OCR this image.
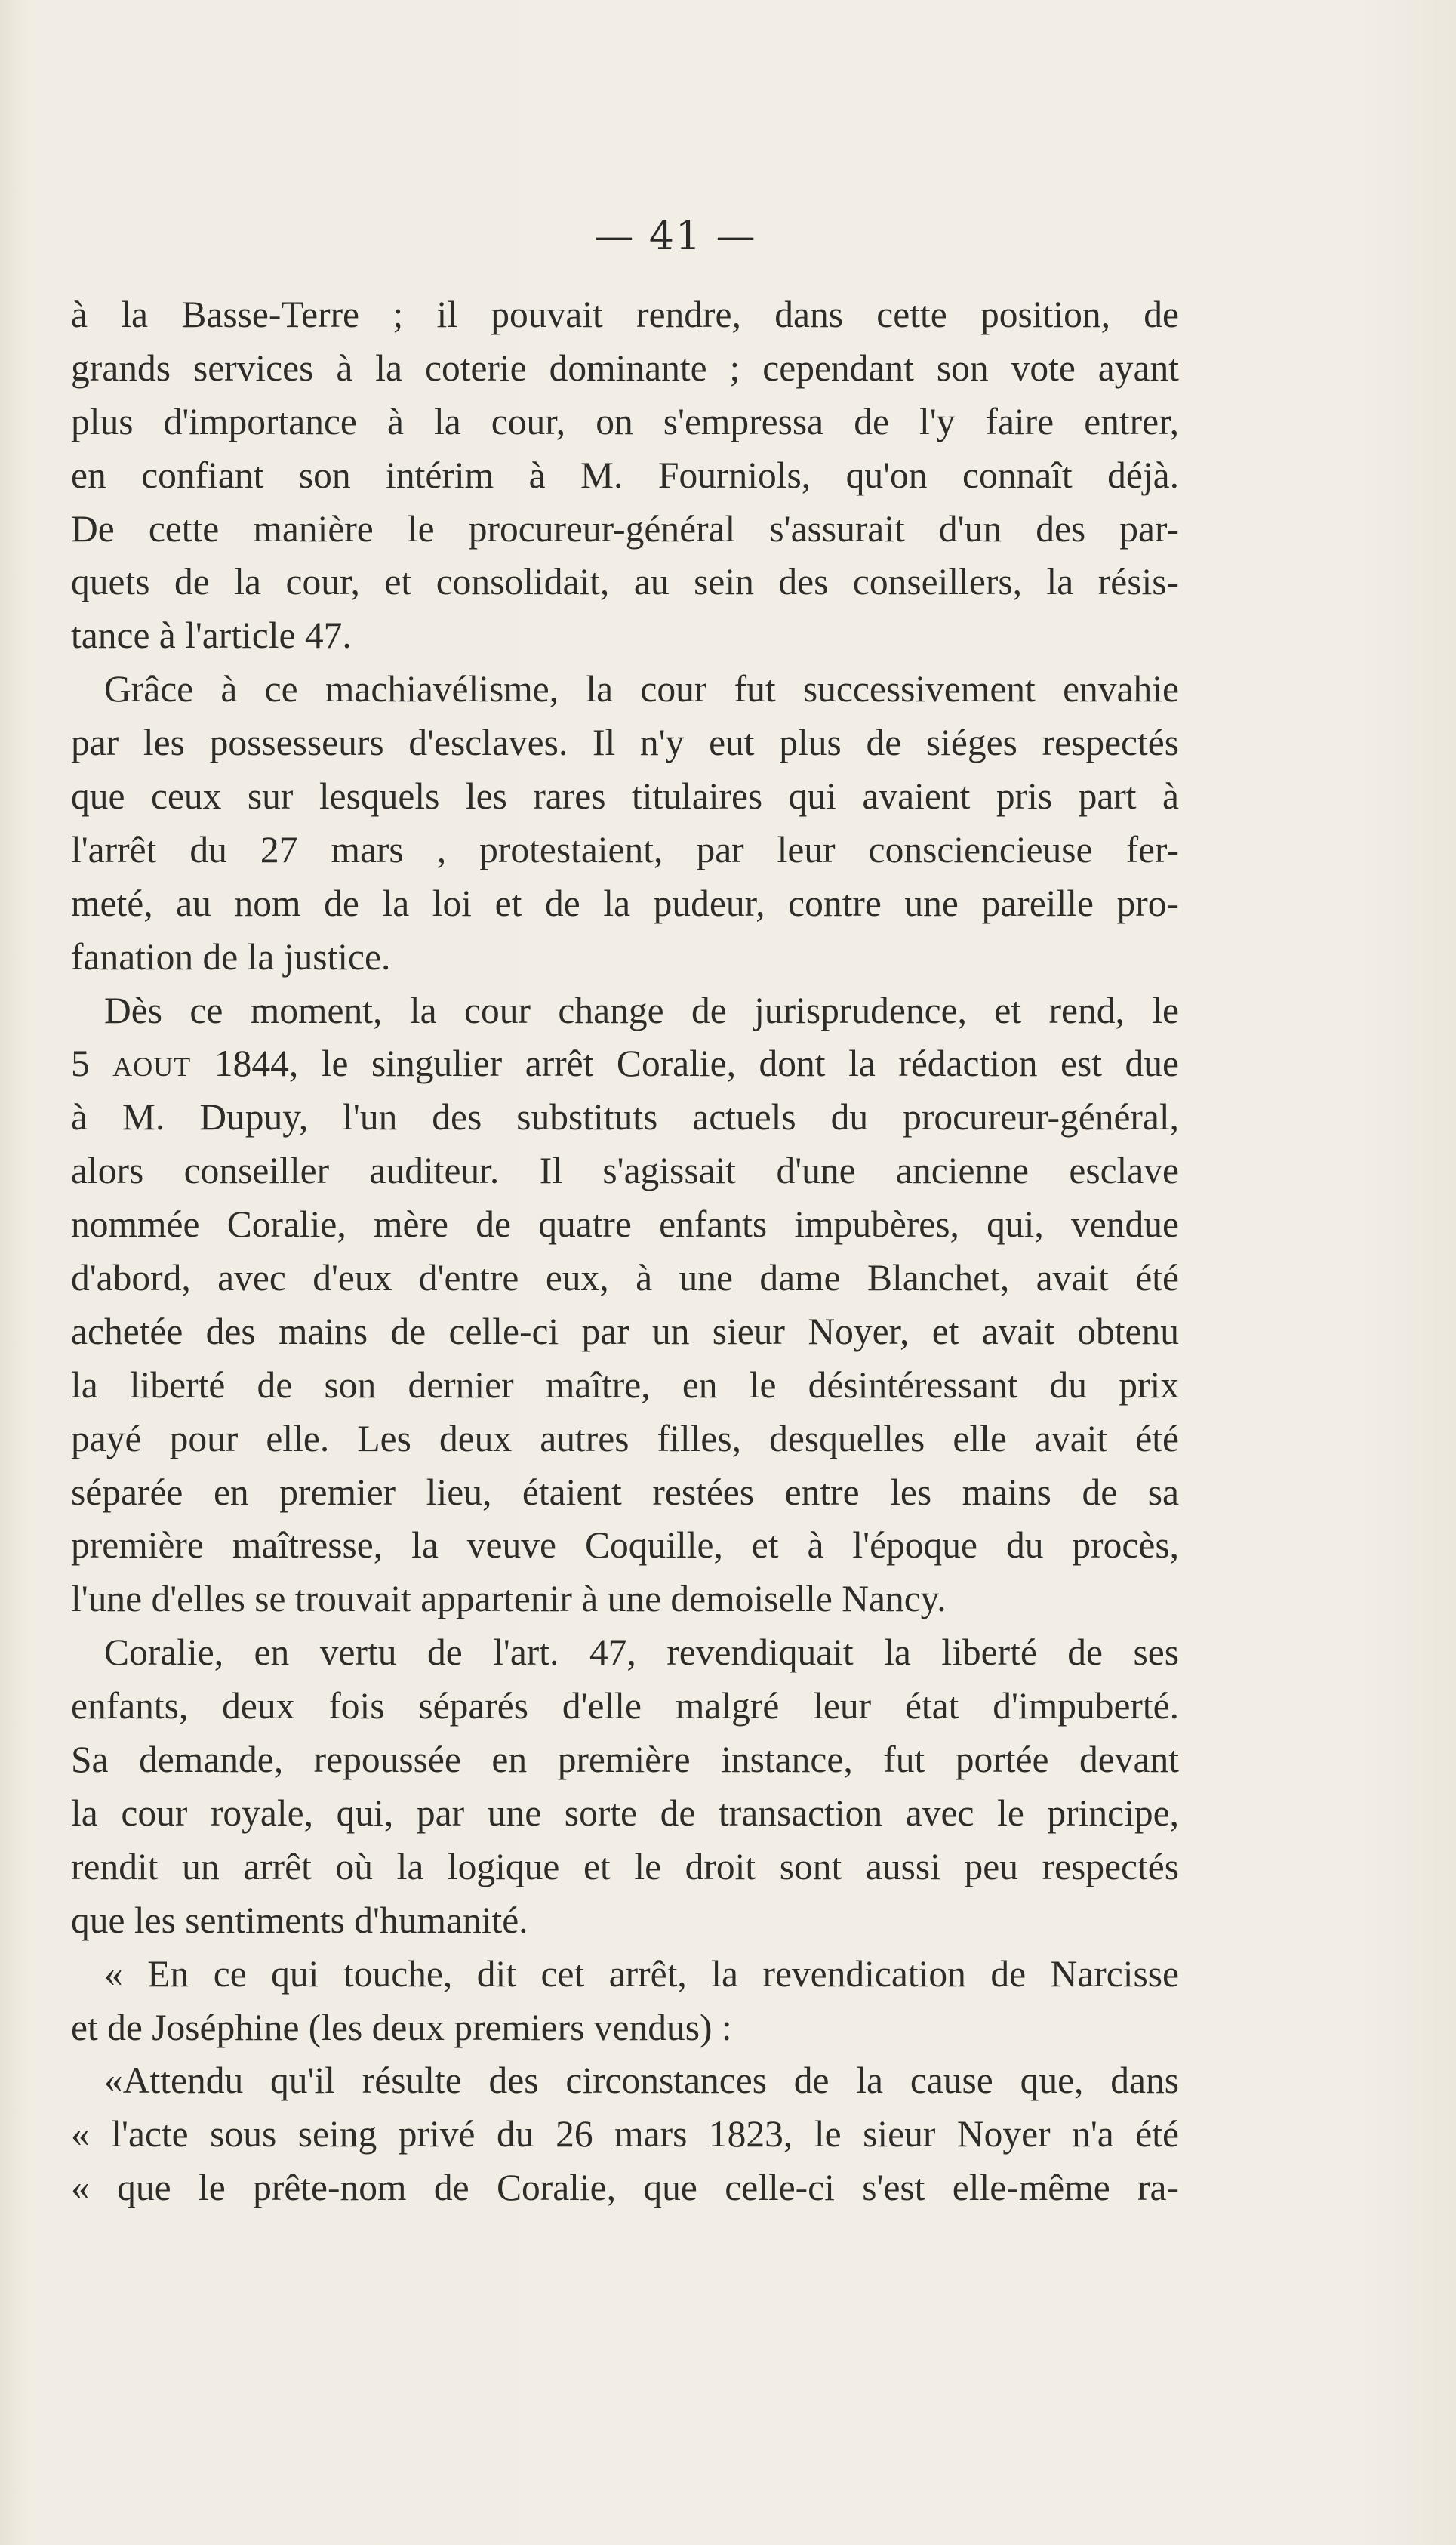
— 41 —
à la Basse-Terre ; il pouvait rendre, dans cette position, de
grands services à la coterie dominante ; cependant son vote ayant
plus d'importance à la cour, on s'empressa de l'y faire entrer,
en confiant son intérim à M. Fourniols, qu'on connaît déjà.
De cette manière le procureur-général s'assurait d'un des par-
quets de la cour, et consolidait, au sein des conseillers, la résis-
tance à l'article 47.
Grâce à ce machiavélisme, la cour fut successivement envahie
par les possesseurs d'esclaves. Il n'y eut plus de siéges respectés
que ceux sur lesquels les rares titulaires qui avaient pris part à
l'arrêt du 27 mars , protestaient, par leur consciencieuse fer-
meté, au nom de la loi et de la pudeur, contre une pareille pro-
fanation de la justice.
Dès ce moment, la cour change de jurisprudence, et rend, le
5 AOUT 1844, le singulier arrêt Coralie, dont la rédaction est due
à M. Dupuy, l'un des substituts actuels du procureur-général,
alors conseiller auditeur. Il s'agissait d'une ancienne esclave
nommée Coralie, mère de quatre enfants impubères, qui, vendue
d'abord, avec d'eux d'entre eux, à une dame Blanchet, avait été
achetée des mains de celle-ci par un sieur Noyer, et avait obtenu
la liberté de son dernier maître, en le désintéressant du prix
payé pour elle. Les deux autres filles, desquelles elle avait été
séparée en premier lieu, étaient restées entre les mains de sa
première maîtresse, la veuve Coquille, et à l'époque du procès,
l'une d'elles se trouvait appartenir à une demoiselle Nancy.
Coralie, en vertu de l'art. 47, revendiquait la liberté de ses
enfants, deux fois séparés d'elle malgré leur état d'impuberté.
Sa demande, repoussée en première instance, fut portée devant
la cour royale, qui, par une sorte de transaction avec le principe,
rendit un arrêt où la logique et le droit sont aussi peu respectés
que les sentiments d'humanité.
« En ce qui touche, dit cet arrêt, la revendication de Narcisse
et de Joséphine (les deux premiers vendus) :
«Attendu qu'il résulte des circonstances de la cause que, dans
« l'acte sous seing privé du 26 mars 1823, le sieur Noyer n'a été
« que le prête-nom de Coralie, que celle-ci s'est elle-même ra-
